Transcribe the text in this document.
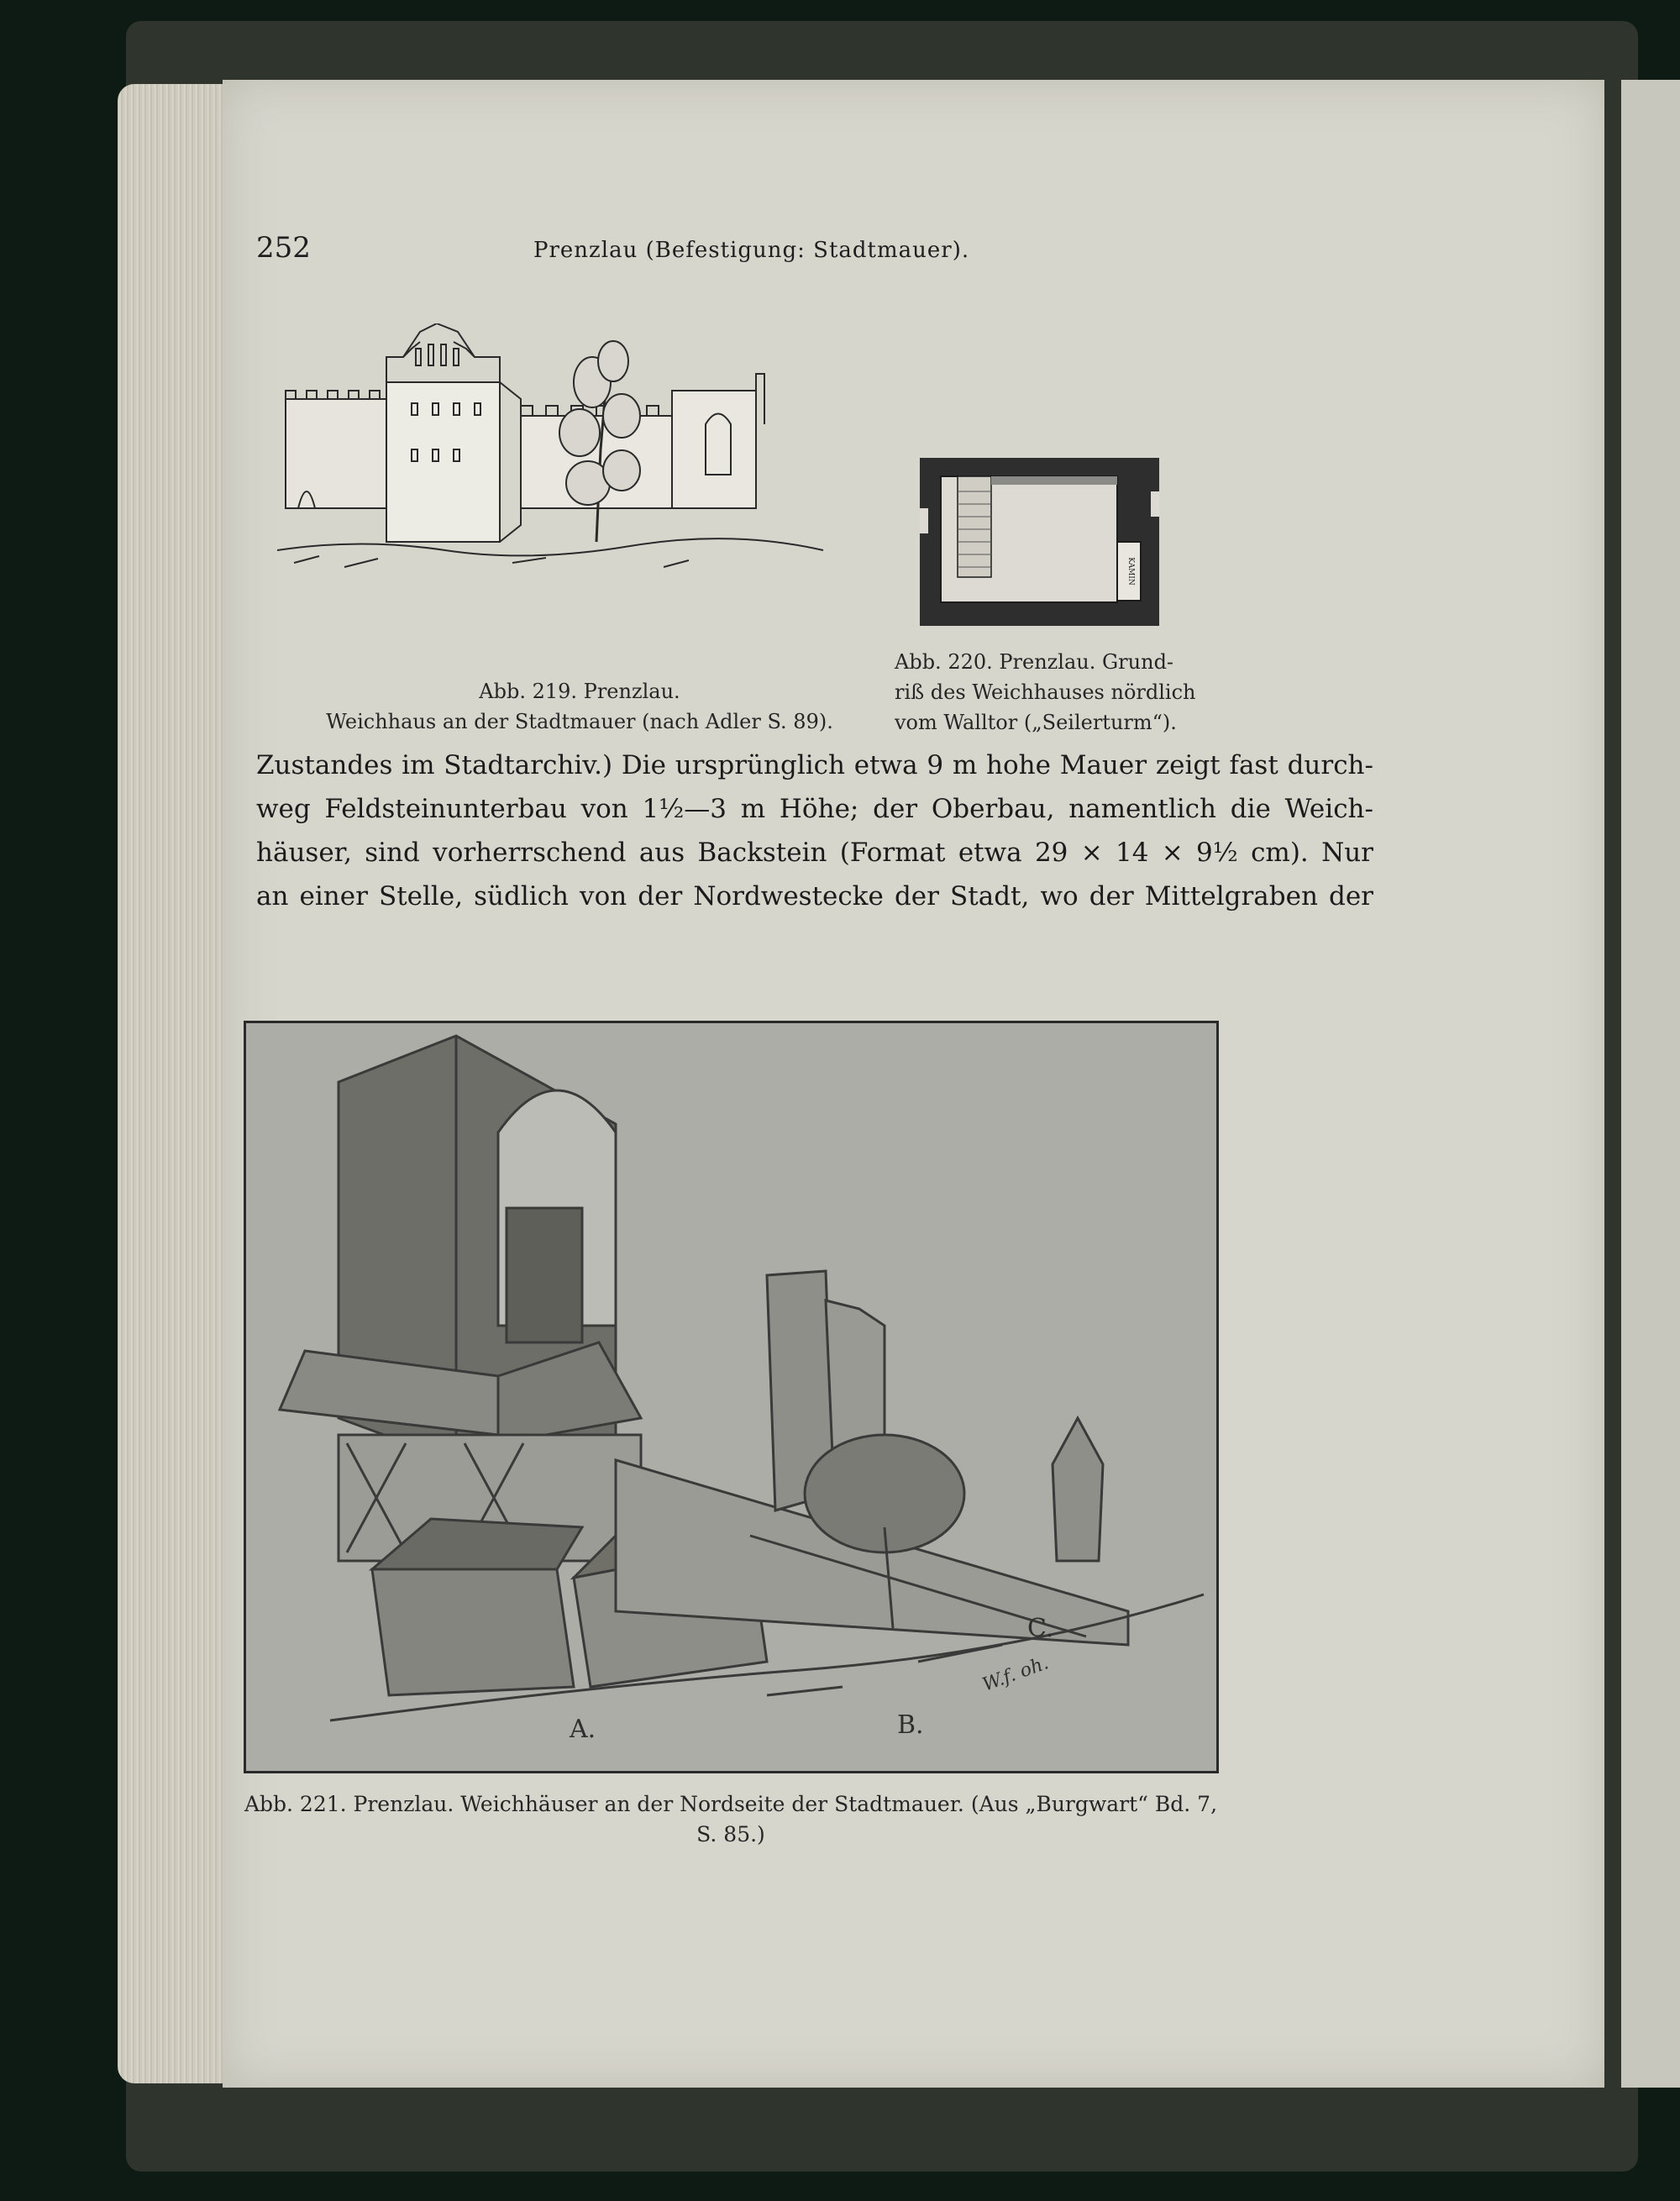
252	Prenzlau (Befestigung: Stadtmauer).
Abb. 219. Prenzlau.
Weichhaus an der Stadtmauer (nach Adler S. 89).
KAMIN
Abb. 220. Prenzlau. Grund-
riß des Weichhauses nördlich
vom Walltor („Seilerturm“).
Zustandes im Stadtarchiv.) Die ursprünglich etwa 9 m hohe Mauer zeigt fast durch-
weg Feldsteinunterbau von 1½—3 m Höhe; der Oberbau, namentlich die Weich-
häuser, sind vorherrschend aus Backstein (Format etwa 29 × 14 × 9½ cm). Nur
an einer Stelle, südlich von der Nordwestecke der Stadt, wo der Mittelgraben der
A.	B.
C.
W.f. oh.
Abb. 221. Prenzlau. Weichhäuser an der Nordseite der Stadtmauer. (Aus „Burgwart“ Bd. 7, S. 85.)
